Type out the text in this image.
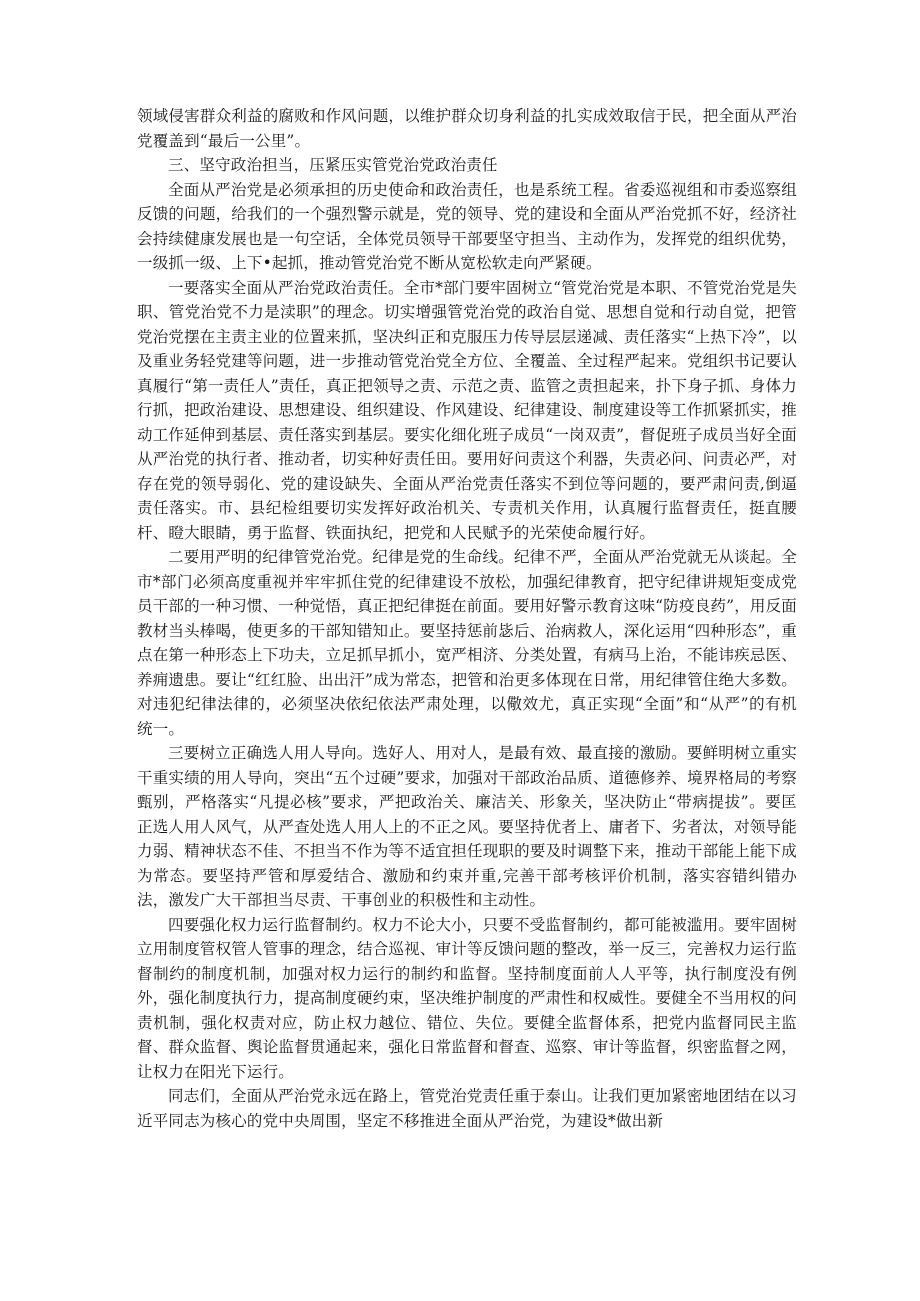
领域侵害群众利益的腐败和作风问题，以维护群众切身利益的扎实成效取信于民，把全面从严治党覆盖到“最后一公里”。

三、坚守政治担当，压紧压实管党治党政治责任

全面从严治党是必须承担的历史使命和政治责任，也是系统工程。省委巡视组和市委巡察组反馈的问题，给我们的一个强烈警示就是，党的领导、党的建设和全面从严治党抓不好，经济社会持续健康发展也是一句空话，全体党员领导干部要坚守担当、主动作为，发挥党的组织优势，一级抓一级、上下•起抓，推动管党治党不断从宽松软走向严紧硬。

一要落实全面从严治党政治责任。全市*部门要牢固树立“管党治党是本职、不管党治党是失职、管党治党不力是渎职”的理念。切实增强管党治党的政治自觉、思想自觉和行动自觉，把管党治党摆在主责主业的位置来抓，坚决纠正和克服压力传导层层递减、责任落实“上热下冷”，以及重业务轻党建等问题，进一步推动管党治党全方位、全覆盖、全过程严起来。党组织书记要认真履行“第一责任人”责任，真正把领导之责、示范之责、监管之责担起来，扑下身子抓、身体力行抓，把政治建设、思想建设、组织建设、作风建设、纪律建设、制度建设等工作抓紧抓实，推动工作延伸到基层、责任落实到基层。要实化细化班子成员“一岗双责”，督促班子成员当好全面从严治党的执行者、推动者，切实种好责任田。要用好问责这个利器，失责必问、问责必严，对存在党的领导弱化、党的建设缺失、全面从严治党责任落实不到位等问题的，要严肃问责,倒逼责任落实。市、县纪检组要切实发挥好政治机关、专责机关作用，认真履行监督责任，挺直腰杆、瞪大眼睛，勇于监督、铁面执纪，把党和人民赋予的光荣使命履行好。

二要用严明的纪律管党治党。纪律是党的生命线。纪律不严，全面从严治党就无从谈起。全市*部门必须高度重视并牢牢抓住党的纪律建设不放松，加强纪律教育，把守纪律讲规矩变成党员干部的一种习惯、一种觉悟，真正把纪律挺在前面。要用好警示教育这味“防疫良药”，用反面教材当头棒喝，使更多的干部知错知止。要坚持惩前毖后、治病救人，深化运用“四种形态”，重点在第一种形态上下功夫，立足抓早抓小，宽严相济、分类处置，有病马上治，不能讳疾忌医、养痈遗患。要让“红红脸、出出汗”成为常态，把管和治更多体现在日常，用纪律管住绝大多数。对违犯纪律法律的，必须坚决依纪依法严肃处理，以儆效尤，真正实现“全面”和“从严”的有机统一。

三要树立正确选人用人导向。选好人、用对人，是最有效、最直接的激励。要鲜明树立重实干重实绩的用人导向，突出“五个过硬”要求，加强对干部政治品质、道德修养、境界格局的考察甄别，严格落实“凡提必核”要求，严把政治关、廉洁关、形象关，坚决防止“带病提拔”。要匡正选人用人风气，从严查处选人用人上的不正之风。要坚持优者上、庸者下、劣者汰，对领导能力弱、精神状态不佳、不担当不作为等不适宜担任现职的要及时调整下来，推动干部能上能下成为常态。要坚持严管和厚爱结合、激励和约束并重,完善干部考核评价机制，落实容错纠错办法，激发广大干部担当尽责、干事创业的积极性和主动性。

四要强化权力运行监督制约。权力不论大小，只要不受监督制约，都可能被滥用。要牢固树立用制度管权管人管事的理念，结合巡视、审计等反馈问题的整改，举一反三，完善权力运行监督制约的制度机制，加强对权力运行的制约和监督。坚持制度面前人人平等，执行制度没有例外，强化制度执行力，提高制度硬约束，坚决维护制度的严肃性和权威性。要健全不当用权的问责机制，强化权责对应，防止权力越位、错位、失位。要健全监督体系，把党内监督同民主监督、群众监督、舆论监督贯通起来，强化日常监督和督查、巡察、审计等监督，织密监督之网，让权力在阳光下运行。

同志们，全面从严治党永远在路上，管党治党责任重于泰山。让我们更加紧密地团结在以习近平同志为核心的党中央周围，坚定不移推进全面从严治党，为建设*做出新
